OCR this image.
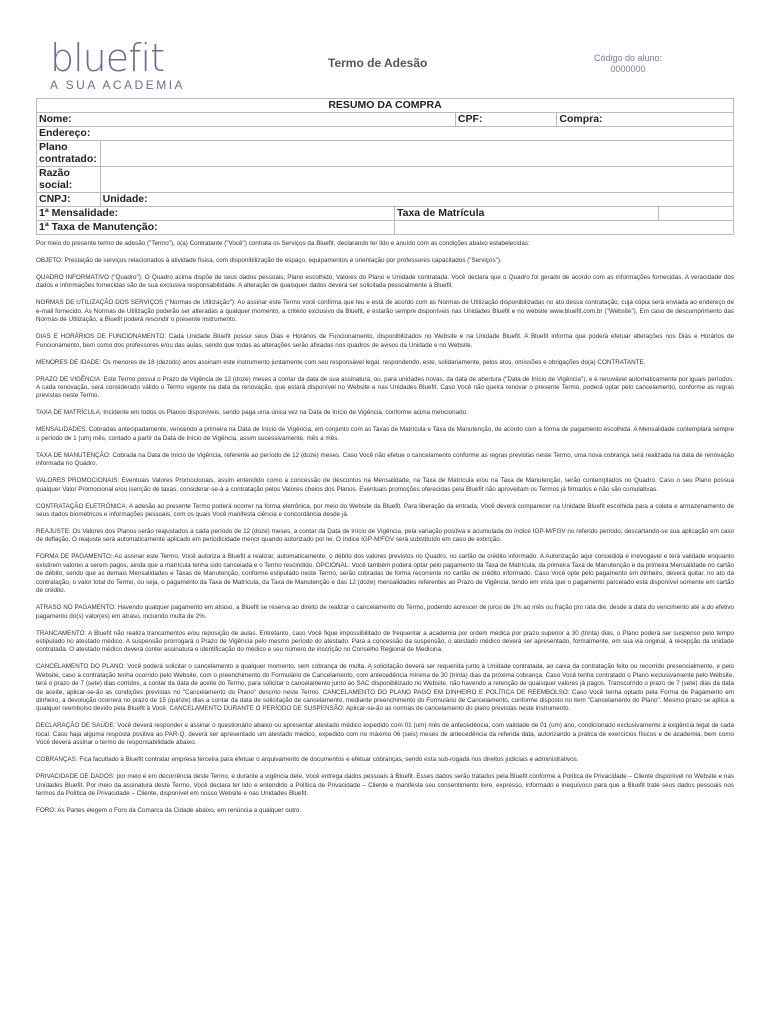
bluefit
A SUA ACADEMIA
Termo de Adesão	Código do aluno:
0000000
RESUMO DA COMPRA					
Nome:			CPF:	Compra:	
Endereço:					
Plano contratado:					
Razão social:					
CNPJ:	Unidade:				
1ª Mensalidade:		Taxa de Matrícula			
1ª Taxa de Manutenção:					

Por meio do presente termo de adesão ("Termo"), o(a) Contratante ("Você") contrata os Serviços da Bluefit, declarando ter lido e anuído com as condições abaixo estabelecidas:

OBJETO: Prestação de serviços relacionados à atividade física, com disponibilização de espaço, equipamentos e orientação por professores capacitados ("Serviços").

QUADRO INFORMATIVO ("Quadro"): O Quadro acima dispõe de seus dados pessoais, Plano escolhido, Valores do Plano e Unidade contratada. Você declara que o Quadro foi gerado de acordo com as informações fornecidas. A veracidade dos dados e informações fornecidas são de sua exclusiva responsabilidade. A alteração de quaisquer dados deverá ser solicitada pessoalmente à Bluefit.

NORMAS DE UTILIZAÇÃO DOS SERVIÇOS ("Normas de Utilização"): Ao assinar este Termo você confirma que leu e está de acordo com as Normas de Utilização disponibilizadas no ato dessa contratação, cuja cópia será enviada ao endereço de e-mail fornecido. As Normas de Utilização poderão ser alteradas a qualquer momento, a critério exclusivo da Bluefit, e estarão sempre disponíveis nas Unidades Bluefit e no website www.bluefit.com.br ("Website"). Em caso de descumprimento das Normas de Utilização, a Bluefit poderá rescindir o presente instrumento.

DIAS E HORÁRIOS DE FUNCIONAMENTO: Cada Unidade Bluefit possui seus Dias e Horários de Funcionamento, disponibilizados no Website e na Unidade Bluefit. A Bluefit informa que poderá efetuar alterações nos Dias e Horários de Funcionamento, bem como dos professores e/ou das aulas, sendo que todas as alterações serão afixadas nos quadros de avisos da Unidade e no Website.

MENORES DE IDADE: Os menores de 18 (dezoito) anos assinam este instrumento juntamente com seu responsável legal, respondendo, este, solidariamente, pelos atos, omissões e obrigações do(a) CONTRATANTE.

PRAZO DE VIGÊNCIA: Este Termo possui o Prazo de Vigência de 12 (doze) meses a contar da data de sua assinatura, ou, para unidades novas, da data de abertura ("Data de Início de Vigência"), e é renovável automaticamente por iguais períodos. A cada renovação, será considerado válido o Termo vigente na data da renovação, que estará disponível no Website e nas Unidades Bluefit. Caso Você não queira renovar o presente Termo, poderá optar pelo cancelamento, conforme as regras previstas neste Termo.

TAXA DE MATRÍCULA: Incidente em todos os Planos disponíveis, sendo paga uma única vez na Data de Início de Vigência, conforme acima mencionado.

MENSALIDADES: Cobradas antecipadamente, vencendo a primeira na Data de Início de Vigência, em conjunto com as Taxas de Matrícula e Taxa de Manutenção, de acordo com a forma de pagamento escolhida. A Mensalidade contemplará sempre o período de 1 (um) mês, contado a partir da Data de Início de Vigência, assim sucessivamente, mês a mês.

TAXA DE MANUTENÇÃO: Cobrada na Data de Início de Vigência, referente ao período de 12 (doze) meses. Caso Você não efetue o cancelamento conforme as regras previstas neste Termo, uma nova cobrança será realizada na data de renovação informada no Quadro.

VALORES PROMOCIONAIS: Eventuais Valores Promocionais, assim entendido como a concessão de descontos na Mensalidade, na Taxa de Matrícula e/ou na Taxa de Manutenção, serão contemplados no Quadro. Caso o seu Plano possua qualquer Valor Promocional e/ou isenção de taxas, considerar-se-á a contratação pelos Valores cheios dos Planos. Eventuais promoções oferecidas pela Bluefit não aproveitam os Termos já firmados e não são cumulativas.

CONTRATAÇÃO ELETRÔNICA: A adesão ao presente Termo poderá ocorrer na forma eletrônica, por meio do Website da Bluefit. Para liberação da entrada, Você deverá comparecer na Unidade Bluefit escolhida para a coleta e armazenamento de seus dados biométricos e informações pessoais, com os quais Você manifesta ciência e concordância desde já.

REAJUSTE: Os Valores dos Planos serão reajustados a cada período de 12 (doze) meses, a contar da Data de Início de Vigência, pela variação positiva e acumulada do índice IGP-M/FGV no referido período, descartando-se sua aplicação em caso de deflação. O reajuste será automaticamente aplicado em periodicidade menor quando autorizado por lei. O índice IGP-M/FGV será substituído em caso de extinção.

FORMA DE PAGAMENTO: Ao assinar este Termo, Você autoriza a Bluefit a realizar, automaticamente, o débito dos valores previstos no Quadro, no cartão de crédito informado. A Autorização aqui concedida é irrevogável e terá validade enquanto existirem valores a serem pagos, ainda que a matrícula tenha sido cancelada e o Termo rescindido. OPCIONAL: Você também poderá optar pelo pagamento da Taxa de Matrícula, da primeira Taxa de Manutenção e da primeira Mensalidade no cartão de débito, sendo que as demais Mensalidades e Taxas de Manutenção, conforme estipulado neste Termo, serão cobradas de forma recorrente no cartão de crédito informado. Caso Você opte pelo pagamento em dinheiro, deverá quitar, no ato da contratação, o valor total do Termo, ou seja, o pagamento da Taxa de Matrícula, da Taxa de Manutenção e das 12 (doze) mensalidades referentes ao Prazo de Vigência, tendo em vista que o pagamento parcelado está disponível somente em cartão de crédito.

ATRASO NO PAGAMENTO: Havendo qualquer pagamento em atraso, a Bluefit se reserva ao direito de realizar o cancelamento do Termo, podendo acrescer de juros de 1% ao mês ou fração pro rata die, desde a data do vencimento até a do efetivo pagamento do(s) valor(es) em atraso, incluindo multa de 2%.

TRANCAMENTO: A Bluefit não realiza trancamentos e/ou reposição de aulas. Entretanto, caso Você fique impossibilitado de frequentar a academia por ordem médica por prazo superior a 30 (trinta) dias, o Plano poderá ser suspenso pelo tempo estipulado no atestado médico. A suspensão prorrogará o Prazo de Vigência pelo mesmo período do atestado. Para a concessão da suspensão, o atestado médico deverá ser apresentado, formalmente, em sua via original, à recepção da unidade contratada. O atestado médico deverá conter assinatura e identificação do médico e seu número de inscrição no Conselho Regional de Medicina.

CANCELAMENTO DO PLANO: Você poderá solicitar o cancelamento a qualquer momento, sem cobrança de multa. A solicitação deverá ser requerida junto à Unidade contratada, ao caixa da contratação feito ou recorrido presencialmente, e pelo Website, caso a contratação tenha ocorrido pelo Website, com o preenchimento do Formulário de Cancelamento, com antecedência mínima de 30 (trinta) dias da próxima cobrança. Caso Você tenha contratado o Plano exclusivamente pelo Website, terá o prazo de 7 (sete) dias corridos, a contar da data de aceite do Termo, para solicitar o cancelamento junto ao SAC disponibilizado no Website, não havendo a retenção de quaisquer valores já pagos. Transcorrido o prazo de 7 (sete) dias da data de aceite, aplicar-se-ão as condições previstas no "Cancelamento do Plano" descrito neste Termo. CANCELAMENTO DO PLANO PAGO EM DINHEIRO E POLÍTICA DE REEMBOLSO: Caso Você tenha optado pela Forma de Pagamento em dinheiro, a devolução ocorrerá no prazo de 15 (quinze) dias a contar da data de solicitação de cancelamento, mediante preenchimento do Formulário de Cancelamento, conforme disposto no item "Cancelamento do Plano". Mesmo prazo se aplica a qualquer reembolso devido pela Bluefit à Você. CANCELAMENTO DURANTE O PERÍODO DE SUSPENSÃO: Aplicar-se-ão as normas de cancelamento do plano previstas neste instrumento.

DECLARAÇÃO DE SAÚDE: Você deverá responder e assinar o questionário abaixo ou apresentar atestado médico expedido com 01 (um) mês de antecedência, com validade de 01 (um) ano, condicionado exclusivamente à exigência legal de cada local. Caso haja alguma resposta positiva ao PAR-Q, deverá ser apresentado um atestado médico, expedido com no máximo 06 (seis) meses de antecedência da referida data, autorizando a prática de exercícios físicos e de academia, bem como Você deverá assinar o termo de responsabilidade abaixo.

COBRANÇAS: Fica facultado à Bluefit contratar empresa terceira para efetuar o arquivamento de documentos e efetuar cobranças, sendo esta sub-rogada nos direitos judiciais e administrativos.

PRIVACIDADE DE DADOS: por meio e em decorrência deste Termo, e durante a vigência dele, Você entrega dados pessoais à Bluefit. Esses dados serão tratados pela Bluefit conforme a Política de Privacidade – Cliente disponível no Website e nas Unidades Bluefit. Por meio da assinatura deste Termo, Você declara ter lido e entendido a Política de Privacidade – Cliente e manifesta seu consentimento livre, expresso, informado e inequívoco para que a Bluefit trate seus dados pessoais nos termos da Política de Privacidade – Cliente, disponível em nosso Website e nas Unidades Bluefit.

FORO: As Partes elegem o Foro da Comarca da Cidade abaixo, em renúncia a qualquer outro.
